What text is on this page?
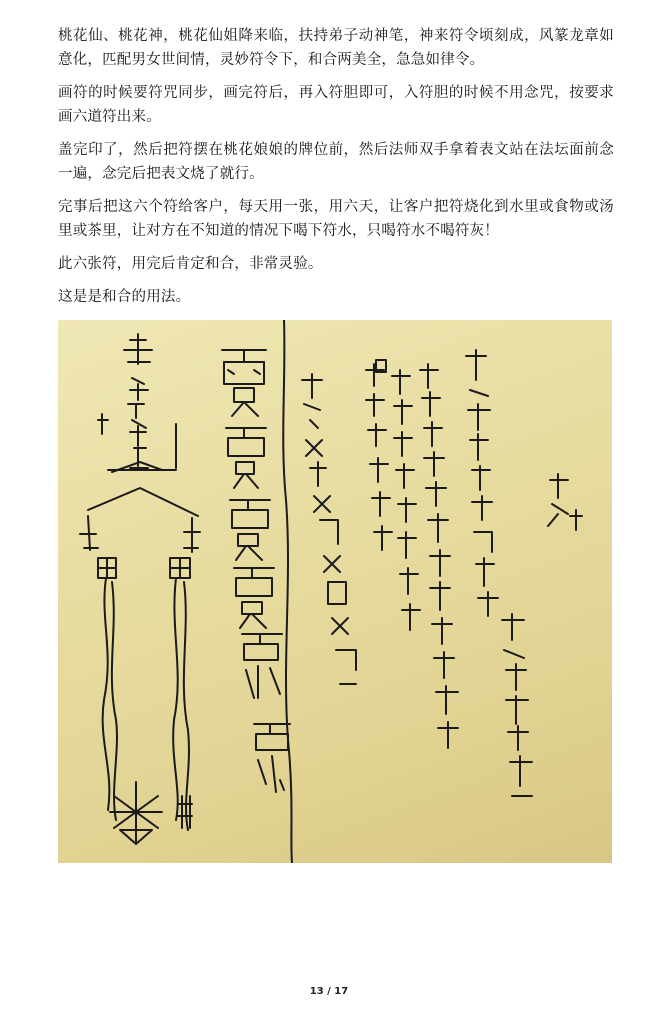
桃花仙、桃花神，桃花仙姐降来临，扶持弟子动神笔，神来符令顷刻成，风篆龙章如意化，匹配男女世间情，灵妙符令下，和合两美全，急急如律令。

画符的时候要符咒同步，画完符后，再入符胆即可，入符胆的时候不用念咒，按要求画六道符出来。

盖完印了，然后把符摆在桃花娘娘的牌位前，然后法师双手拿着表文站在法坛面前念一遍，念完后把表文烧了就行。

完事后把这六个符给客户，每天用一张，用六天，让客户把符烧化到水里或食物或汤里或茶里，让对方在不知道的情况下喝下符水，只喝符水不喝符灰！

此六张符，用完后肯定和合，非常灵验。

这是是和合的用法。

13 / 17
